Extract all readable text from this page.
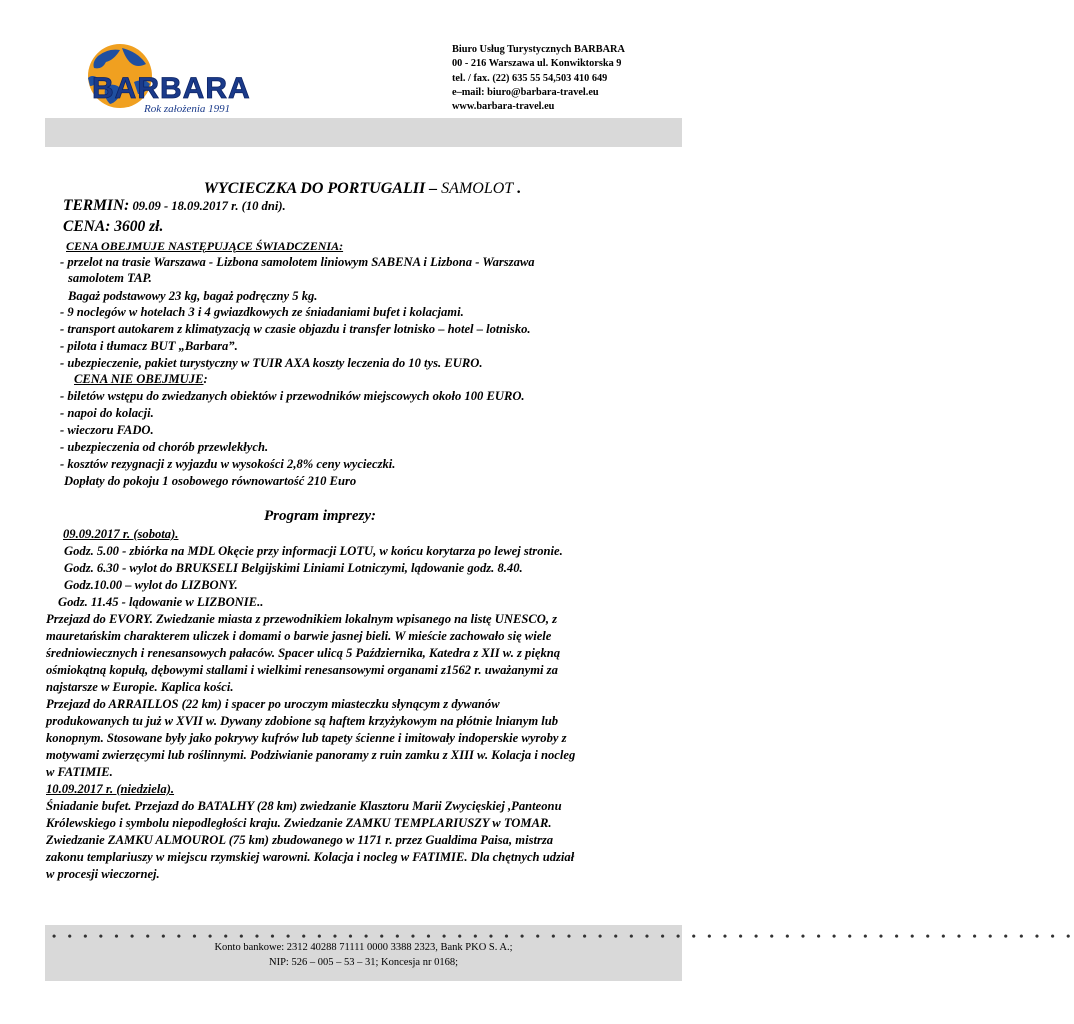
BARBARA
Rok założenia 1991
Biuro Usług Turystycznych BARBARA
00 - 216 Warszawa ul. Konwiktorska 9
tel. / fax. (22) 635 55 54,503 410 649
e–mail: biuro@barbara-travel.eu
www.barbara-travel.eu
WYCIECZKA DO PORTUGALII – SAMOLOT .
TERMIN: 09.09 - 18.09.2017 r. (10 dni).
CENA: 3600 zł.
CENA OBEJMUJE NASTĘPUJĄCE ŚWIADCZENIA:
- przelot na trasie Warszawa - Lizbona samolotem liniowym SABENA i Lizbona - Warszawa
samolotem TAP.
Bagaż podstawowy 23 kg, bagaż podręczny 5 kg.
- 9 noclegów w hotelach 3 i 4 gwiazdkowych ze śniadaniami bufet i kolacjami.
- transport autokarem z klimatyzacją w czasie objazdu i transfer lotnisko – hotel – lotnisko.
- pilota i tłumacz BUT „Barbara”.
- ubezpieczenie, pakiet turystyczny w TUIR AXA koszty leczenia do 10 tys. EURO.
CENA NIE OBEJMUJE:
- biletów wstępu do zwiedzanych obiektów i przewodników miejscowych około 100 EURO.
- napoi do kolacji.
- wieczoru FADO.
- ubezpieczenia od chorób przewlekłych.
- kosztów rezygnacji z wyjazdu w wysokości 2,8% ceny wycieczki.
Dopłaty do pokoju 1 osobowego równowartość 210 Euro
Program imprezy:
09.09.2017 r. (sobota).
Godz. 5.00 - zbiórka na MDL Okęcie przy informacji LOTU, w końcu korytarza po lewej stronie.
Godz. 6.30 - wylot do BRUKSELI Belgijskimi Liniami Lotniczymi, lądowanie godz. 8.40.
Godz.10.00 – wylot do LIZBONY.
Godz. 11.45 - lądowanie w LIZBONIE..
Przejazd do EVORY. Zwiedzanie miasta z przewodnikiem lokalnym wpisanego na listę UNESCO, z
mauretańskim charakterem uliczek i domami o barwie jasnej bieli. W mieście zachowało się wiele
średniowiecznych i renesansowych pałaców. Spacer ulicą 5 Października, Katedra z XII w. z piękną
ośmiokątną kopułą, dębowymi stallami i wielkimi renesansowymi organami z1562 r. uważanymi za
najstarsze w Europie. Kaplica kości.
Przejazd do ARRAILLOS (22 km) i spacer po uroczym miasteczku słynącym z dywanów
produkowanych tu już w XVII w. Dywany zdobione są haftem krzyżykowym na płótnie lnianym lub
konopnym. Stosowane były jako pokrywy kufrów lub tapety ścienne i imitowały indoperskie wyroby z
motywami zwierzęcymi lub roślinnymi. Podziwianie panoramy z ruin zamku z XIII w. Kolacja i nocleg
w FATIMIE.
10.09.2017 r. (niedziela).
Śniadanie bufet. Przejazd do BATALHY (28 km) zwiedzanie Klasztoru Marii Zwycięskiej ,Panteonu
Królewskiego i symbolu niepodległości kraju. Zwiedzanie ZAMKU TEMPLARIUSZY w TOMAR.
Zwiedzanie ZAMKU ALMOUROL (75 km) zbudowanego w 1171 r. przez Gualdima Paisa, mistrza
zakonu templariuszy w miejscu rzymskiej warowni. Kolacja i nocleg w FATIMIE. Dla chętnych udział
w procesji wieczornej.
• • • • • • • • • • • • • • • • • • • • • • • • • • • • • • • • • • • • • • • • • • • • • • • • • • • • • • • • • • • • • • • • • •
Konto bankowe: 2312 40288 71111 0000 3388 2323, Bank PKO S. A.;
NIP: 526 – 005 – 53 – 31; Koncesja nr 0168;
